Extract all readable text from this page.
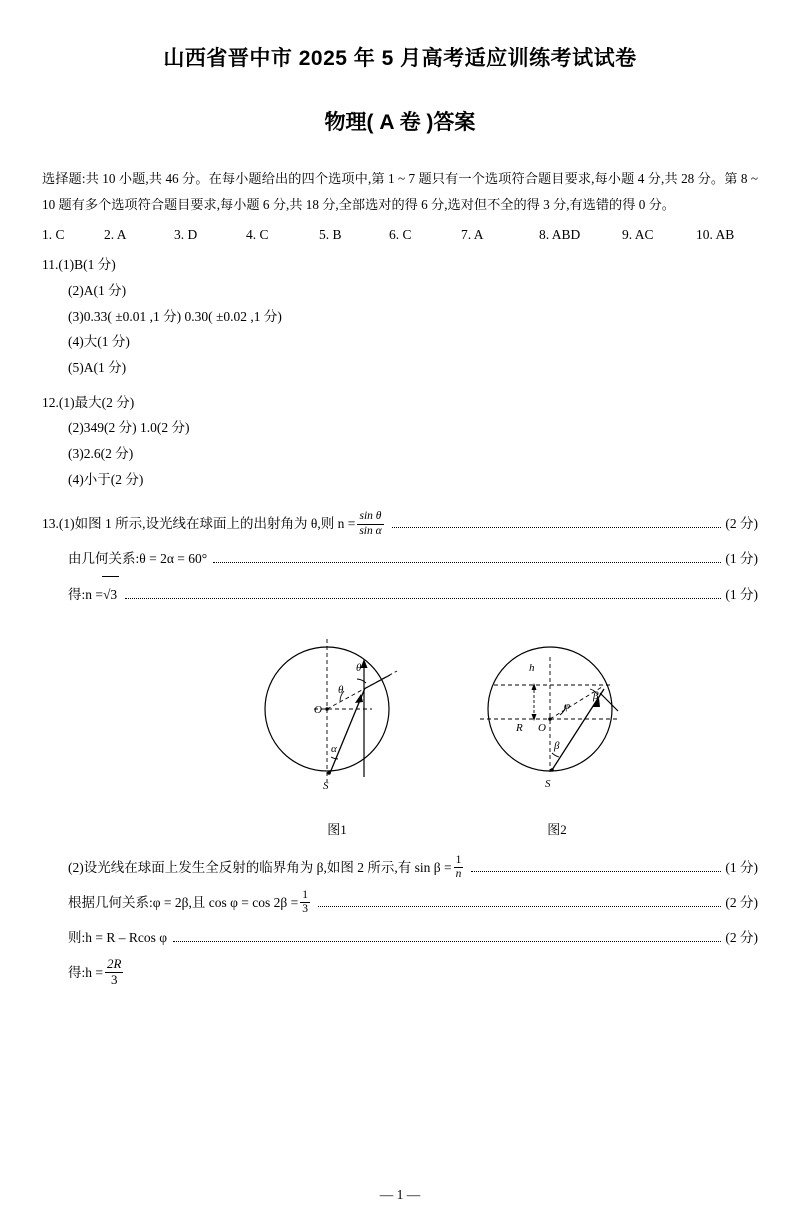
山西省晋中市 2025 年 5 月高考适应训练考试试卷
物理( A 卷 )答案
选择题:共 10 小题,共 46 分。在每小题给出的四个选项中,第 1 ~ 7 题只有一个选项符合题目要求,每小题 4 分,共 28 分。第 8 ~ 10 题有多个选项符合题目要求,每小题 6 分,共 18 分,全部选对的得 6 分,选对但不全的得 3 分,有选错的得 0 分。
1. C	2. A	3. D	4. C	5. B	6. C	7. A	8. ABD	9. AC	10. AB
11.(1)B(1 分)
(2)A(1 分)
(3)0.33( ±0.01 ,1 分) 0.30( ±0.02 ,1 分)
(4)大(1 分)
(5)A(1 分)
12.(1)最大(2 分)
(2)349(2 分) 1.0(2 分)
(3)2.6(2 分)
(4)小于(2 分)
13.(1)如图 1 所示,设光线在球面上的出射角为 θ,则 $n = \frac{\text{sin θ}}{\text{sin α}}$	(2 分)
由几何关系:θ = 2α = 60°	(1 分)
得:n =√3	(1 分)
θ
θ
O
α
S
图1
h
φ
β
R O
β
S
图2
(2)设光线在球面上发生全反射的临界角为 β,如图 2 所示,有 $\sin \beta = \frac{1}{n}$	(1 分)
根据几何关系:φ = 2β,且 $\cos \varphi = \cos 2\beta = \frac{1}{3}$	(2 分)
则:h = R – Rcos φ	(2 分)
得:h = $\frac{2R}{3}$
— 1 —
